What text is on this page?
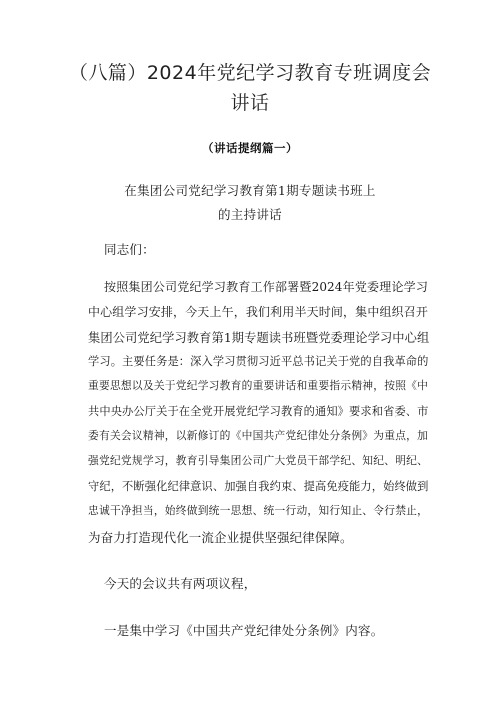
（八篇）2024年党纪学习教育专班调度会
讲话
（讲话提纲篇一）
在集团公司党纪学习教育第1期专题读书班上
的主持讲话
同志们：
按照集团公司党纪学习教育工作部署暨2024年党委理论学习
中心组学习安排，今天上午，我们利用半天时间，集中组织召开
集团公司党纪学习教育第1期专题读书班暨党委理论学习中心组
学习。主要任务是：深入学习贯彻习近平总书记关于党的自我革命的
重要思想以及关于党纪学习教育的重要讲话和重要指示精神，按照《中
共中央办公厅关于在全党开展党纪学习教育的通知》要求和省委、市
委有关会议精神，以新修订的《中国共产党纪律处分条例》为重点，加
强党纪党规学习，教育引导集团公司广大党员干部学纪、知纪、明纪、
守纪，不断强化纪律意识、加强自我约束、提高免疫能力，始终做到
忠诚干净担当，始终做到统一思想、统一行动，知行知止、令行禁止，
为奋力打造现代化一流企业提供坚强纪律保障。
今天的会议共有两项议程，
一是集中学习《中国共产党纪律处分条例》内容。
